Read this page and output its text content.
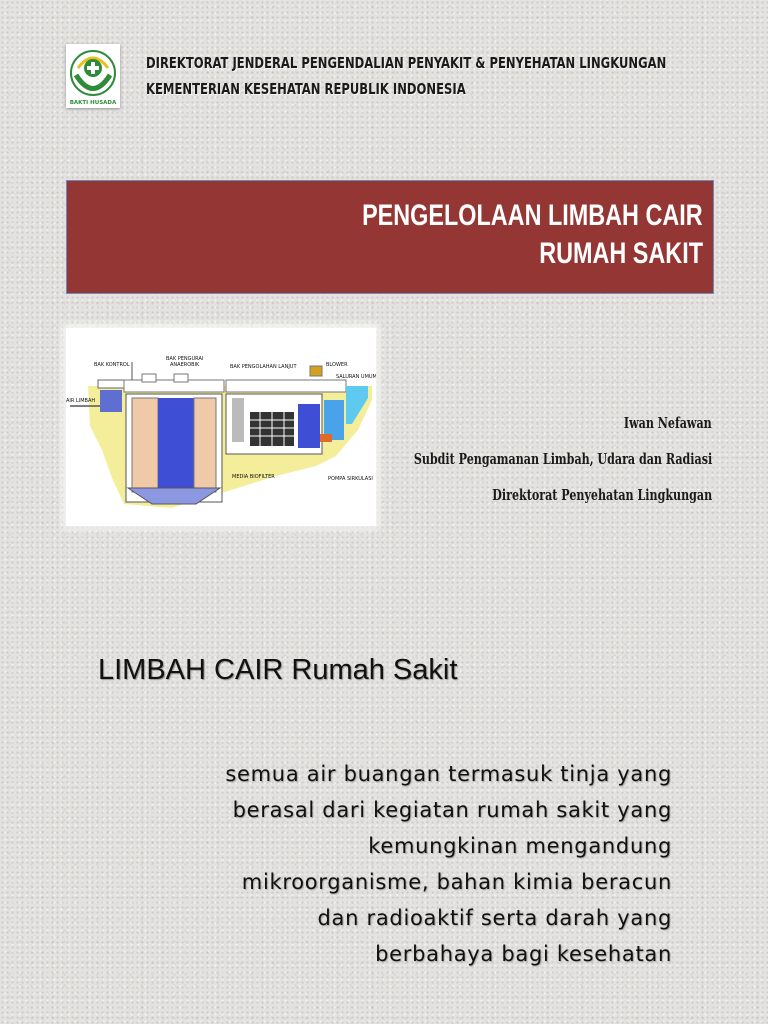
BAKTI HUSADA
DIREKTORAT JENDERAL PENGENDALIAN PENYAKIT & PENYEHATAN LINGKUNGAN
KEMENTERIAN KESEHATAN REPUBLIK INDONESIA
PENGELOLAAN LIMBAH CAIR
RUMAH SAKIT
BAK KONTROL
BAK PENGURAI
ANAEROBIK	BAK PENGOLAHAN LANJUT	BLOWER
SALURAN UMUM
AIR LIMBAH
MEDIA BIOFILTER	POMPA SIRKULASI
Iwan Nefawan
Subdit Pengamanan Limbah, Udara dan Radiasi
Direktorat Penyehatan Lingkungan
LIMBAH CAIR Rumah Sakit
semua air buangan termasuk tinja yang
berasal dari kegiatan rumah sakit yang
kemungkinan mengandung
mikroorganisme, bahan kimia beracun
dan radioaktif serta darah yang
berbahaya bagi kesehatan
